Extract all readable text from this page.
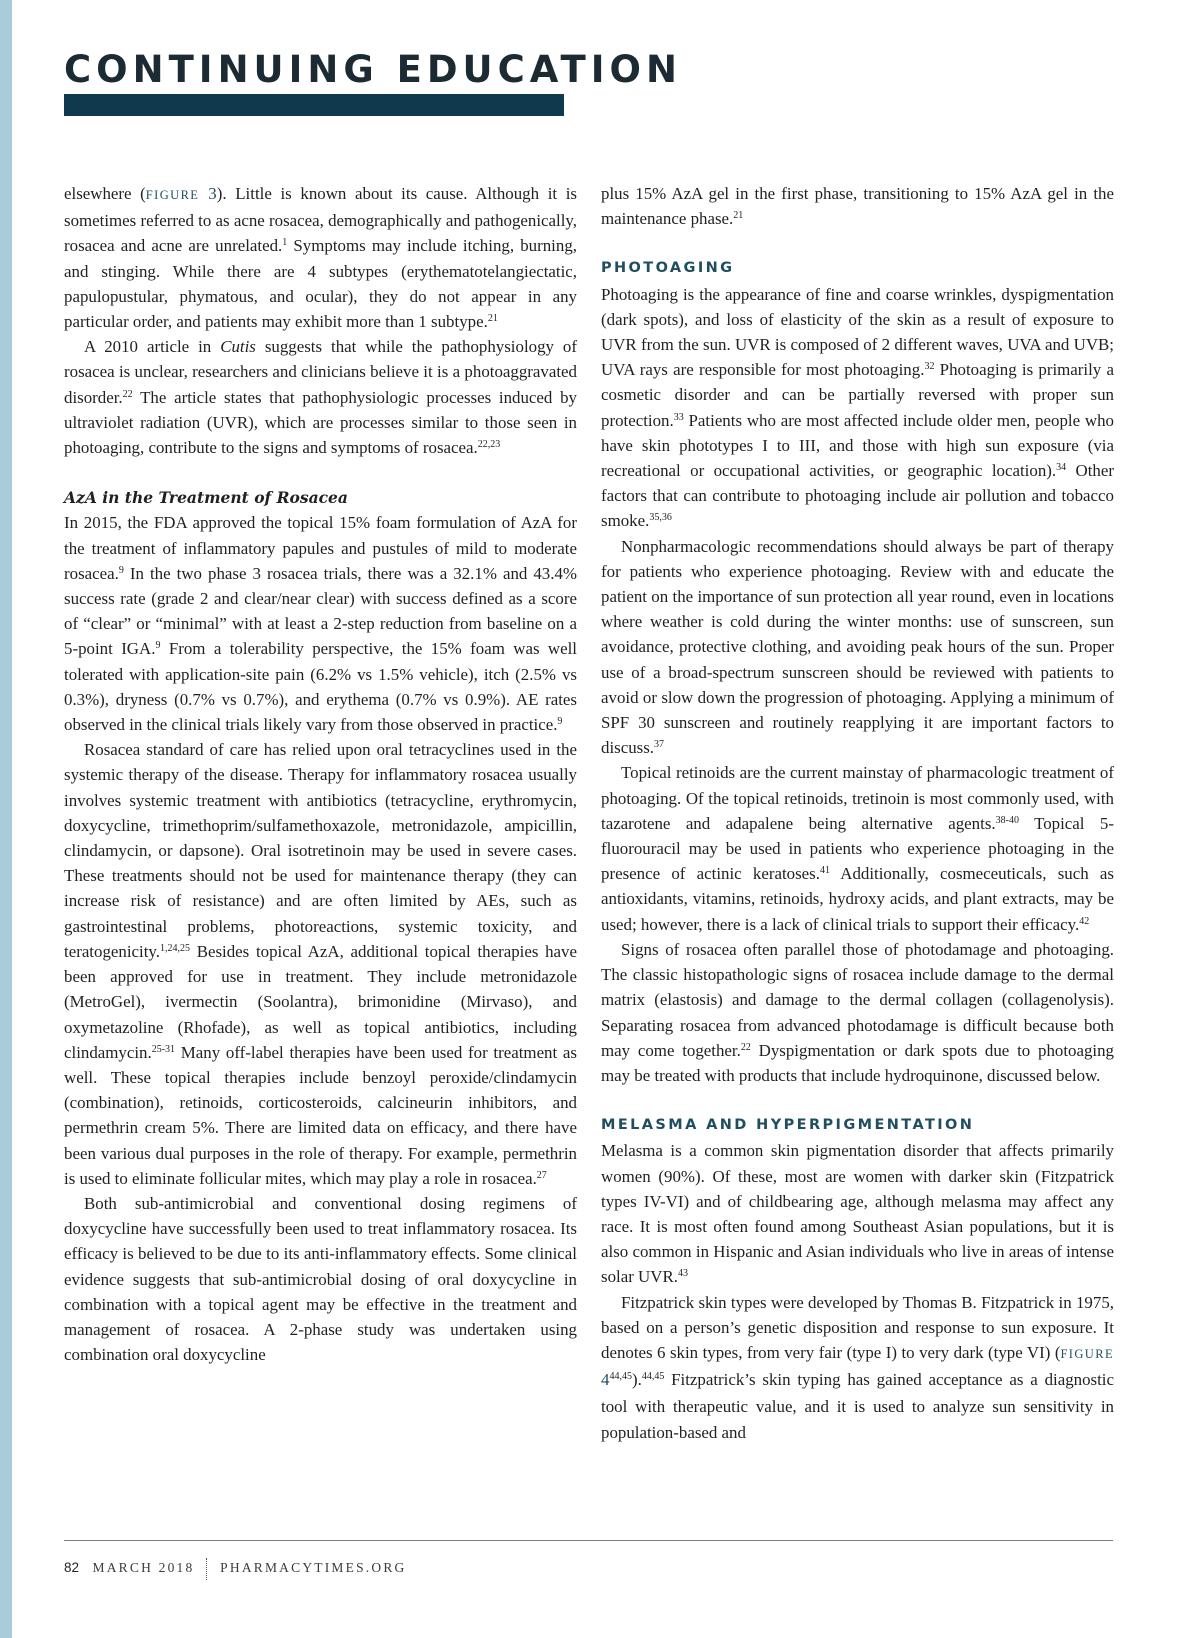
CONTINUING EDUCATION

elsewhere (FIGURE 3). Little is known about its cause. Although it is sometimes referred to as acne rosacea, demographically and pathogenically, rosacea and acne are unrelated.$^1$ Symptoms may include itching, burning, and stinging. While there are 4 subtypes (erythematotelangiectatic, papulopustular, phymatous, and ocular), they do not appear in any particular order, and patients may exhibit more than 1 subtype.$^{21}$

A 2010 article in Cutis suggests that while the pathophysiology of rosacea is unclear, researchers and clinicians believe it is a photoaggravated disorder.$^{22}$ The article states that pathophysiologic processes induced by ultraviolet radiation (UVR), which are processes similar to those seen in photoaging, contribute to the signs and symptoms of rosacea.$^{22,23}$

AzA in the Treatment of Rosacea

In 2015, the FDA approved the topical 15% foam formulation of AzA for the treatment of inflammatory papules and pustules of mild to moderate rosacea.$^9$ In the two phase 3 rosacea trials, there was a 32.1% and 43.4% success rate (grade 2 and clear/near clear) with success defined as a score of “clear” or “minimal” with at least a 2-step reduction from baseline on a 5-point IGA.$^9$ From a tolerability perspective, the 15% foam was well tolerated with application-site pain (6.2% vs 1.5% vehicle), itch (2.5% vs 0.3%), dryness (0.7% vs 0.7%), and erythema (0.7% vs 0.9%). AE rates observed in the clinical trials likely vary from those observed in practice.$^9$

Rosacea standard of care has relied upon oral tetracyclines used in the systemic therapy of the disease. Therapy for inflammatory rosacea usually involves systemic treatment with antibiotics (tetracycline, erythromycin, doxycycline, trimethoprim/​sulfamethoxazole, metronidazole, ampicillin, clindamycin, or dapsone). Oral isotretinoin may be used in severe cases. These treatments should not be used for maintenance therapy (they can increase risk of resistance) and are often limited by AEs, such as gastrointestinal problems, photoreactions, systemic toxicity, and teratogenicity.$^{1,24,25}$ Besides topical AzA, additional topical therapies have been approved for use in treatment. They include metronidazole (MetroGel), ivermectin (Soolantra), brimonidine (Mirvaso), and oxymetazoline (Rhofade), as well as topical antibiotics, including clindamycin.$^{25-31}$ Many off-label therapies have been used for treatment as well. These topical therapies include benzoyl peroxide/clindamycin (combination), retinoids, corticosteroids, calcineurin inhibitors, and permethrin cream 5%. There are limited data on efficacy, and there have been various dual purposes in the role of therapy. For example, permethrin is used to eliminate follicular mites, which may play a role in rosacea.$^{27}$

Both sub-antimicrobial and conventional dosing regimens of doxycycline have successfully been used to treat inflammatory rosacea. Its efficacy is believed to be due to its anti-inflammatory effects. Some clinical evidence suggests that sub-antimicrobial dosing of oral doxycycline in combination with a topical agent may be effective in the treatment and management of rosacea. A 2-phase study was undertaken using combination oral doxycycline

plus 15% AzA gel in the first phase, transitioning to 15% AzA gel in the maintenance phase.$^{21}$

PHOTOAGING

Photoaging is the appearance of fine and coarse wrinkles, dyspigmentation (dark spots), and loss of elasticity of the skin as a result of exposure to UVR from the sun. UVR is composed of 2 different waves, UVA and UVB; UVA rays are responsible for most photoaging.$^{32}$ Photoaging is primarily a cosmetic disorder and can be partially reversed with proper sun protection.$^{33}$ Patients who are most affected include older men, people who have skin phototypes I to III, and those with high sun exposure (via recreational or occupational activities, or geographic location).$^{34}$ Other factors that can contribute to photoaging include air pollution and tobacco smoke.$^{35,36}$

Nonpharmacologic recommendations should always be part of therapy for patients who experience photoaging. Review with and educate the patient on the importance of sun protection all year round, even in locations where weather is cold during the winter months: use of sunscreen, sun avoidance, protective clothing, and avoiding peak hours of the sun. Proper use of a broad-spectrum sunscreen should be reviewed with patients to avoid or slow down the progression of photoaging. Applying a minimum of SPF 30 sunscreen and routinely reapplying it are important factors to discuss.$^{37}$

Topical retinoids are the current mainstay of pharmacologic treatment of photoaging. Of the topical retinoids, tretinoin is most commonly used, with tazarotene and adapalene being alternative agents.$^{38-40}$ Topical 5-fluorouracil may be used in patients who experience photoaging in the presence of actinic keratoses.$^{41}$ Additionally, cosmeceuticals, such as antioxidants, vitamins, retinoids, hydroxy acids, and plant extracts, may be used; however, there is a lack of clinical trials to support their efficacy.$^{42}$

Signs of rosacea often parallel those of photodamage and photoaging. The classic histopathologic signs of rosacea include damage to the dermal matrix (elastosis) and damage to the dermal collagen (collagenolysis). Separating rosacea from advanced photodamage is difficult because both may come together.$^{22}$ Dyspigmentation or dark spots due to photoaging may be treated with products that include hydroquinone, discussed below.

MELASMA AND HYPERPIGMENTATION

Melasma is a common skin pigmentation disorder that affects primarily women (90%). Of these, most are women with darker skin (Fitzpatrick types IV-VI) and of childbearing age, although melasma may affect any race. It is most often found among Southeast Asian populations, but it is also common in Hispanic and Asian individuals who live in areas of intense solar UVR.$^{43}$

Fitzpatrick skin types were developed by Thomas B. Fitzpatrick in 1975, based on a person’s genetic disposition and response to sun exposure. It denotes 6 skin types, from very fair (type I) to very dark (type VI) (FIGURE 4$^{44,45}$).$^{44,45}$ Fitzpatrick’s skin typing has gained acceptance as a diagnostic tool with therapeutic value, and it is used to analyze sun sensitivity in population-based and

82 MARCH 2018 PHARMACYTIMES.ORG
